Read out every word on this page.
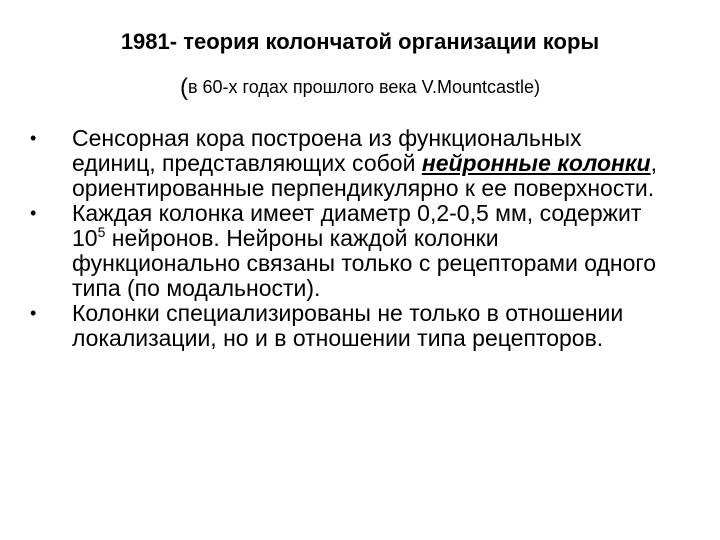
1981- теория колончатой организации коры
(в 60-х годах прошлого века V.Mountcastle)
•	Сенсорная кора построена из функциональных единиц, представляющих собой нейронные колонки, ориентированные перпендикулярно к ее поверхности.
•	Каждая колонка имеет диаметр 0,2-0,5 мм, содержит $10^5$ нейронов. Нейроны каждой колонки функционально связаны только с рецепторами одного типа (по модальности).
•	Колонки специализированы не только в отношении локализации, но и в отношении типа рецепторов.
